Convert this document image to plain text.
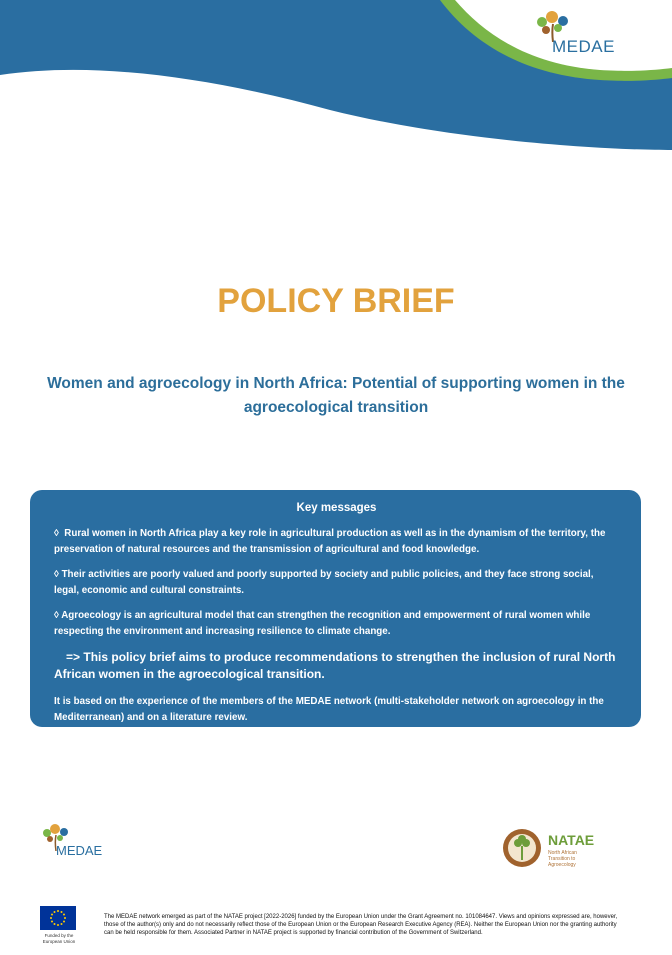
MEDAE
POLICY BRIEF
Women and agroecology in North Africa: Potential of supporting women in the agroecological transition
Key messages

◊ Rural women in North Africa play a key role in agricultural production as well as in the dynamism of the territory, the preservation of natural resources and the transmission of agricultural and food knowledge.

◊ Their activities are poorly valued and poorly supported by society and public policies, and they face strong social, legal, economic and cultural constraints.

◊ Agroecology is an agricultural model that can strengthen the recognition and empowerment of rural women while respecting the environment and increasing resilience to climate change.

=> This policy brief aims to produce recommendations to strengthen the inclusion of rural North African women in the agroecological transition.

It is based on the experience of the members of the MEDAE network (multi-stakeholder network on agroecology in the Mediterranean) and on a literature review.

MEDAE
NATAE
North African Transition to Agroecology
Funded by the European Union
The MEDAE network emerged as part of the NATAE project [2022-2026] funded by the European Union under the Grant Agreement no. 101084647. Views and opinions expressed are, however, those of the author(s) only and do not necessarily reflect those of the European Union or the European Research Executive Agency (REA). Neither the European Union nor the granting authority can be held responsible for them. Associated Partner in NATAE project is supported by financial contribution of the Government of Switzerland.
